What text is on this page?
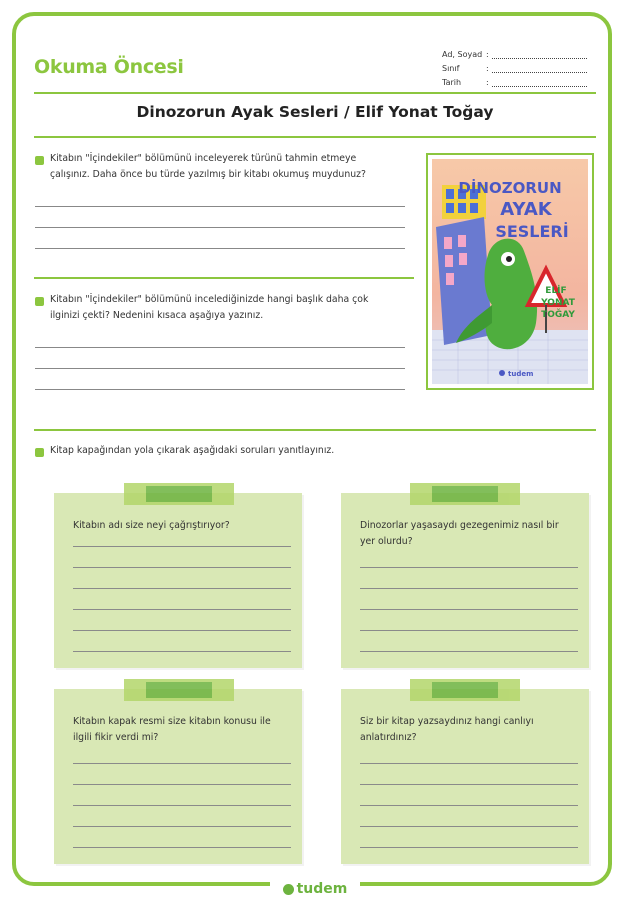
Okuma Öncesi
Ad, Soyad :
Sınıf	:
Tarih	:
Dinozorun Ayak Sesleri / Elif Yonat Toğay
Kitabın "İçindekiler" bölümünü inceleyerek türünü tahmin etmeye çalışınız. Daha önce bu türde yazılmış bir kitabı okumuş muydunuz?
Kitabın "İçindekiler" bölümünü incelediğinizde hangi başlık daha çok ilginizi çekti? Nedenini kısaca aşağıya yazınız.
DİNOZORUN
AYAK
SESLERİ
ELİF
YONAT
TOĞAY
tudem
Kitap kapağından yola çıkarak aşağıdaki soruları yanıtlayınız.
Kitabın adı size neyi çağrıştırıyor?	Dinozorlar yaşasaydı gezegenimiz nasıl bir yer olurdu?
Kitabın kapak resmi size kitabın konusu ile ilgili fikir verdi mi?
Siz bir kitap yazsaydınız hangi canlıyı anlatırdınız?
tudem
